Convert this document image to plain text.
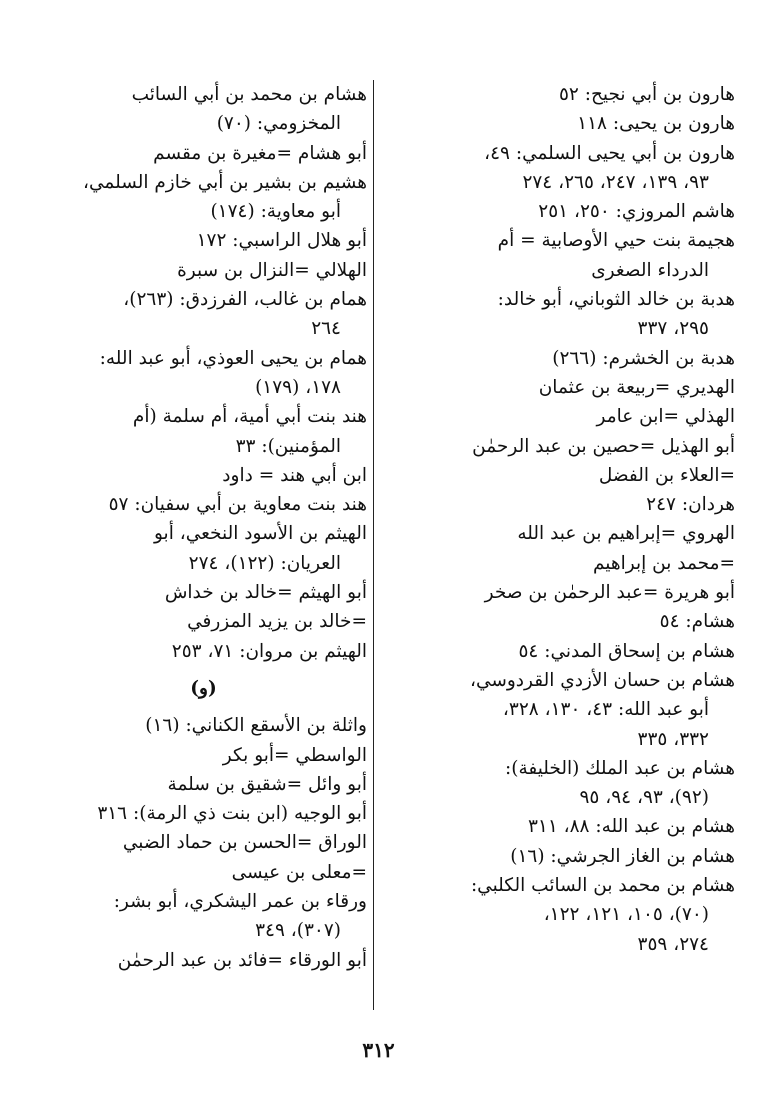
هارون بن أبي نجيح: ٥٢
هارون بن يحيى: ١١٨
هارون بن أبي يحيى السلمي: ٤٩،
٩٣، ١٣٩، ٢٤٧، ٢٦٥، ٢٧٤
هاشم المروزي: ٢٥٠، ٢٥١
هجيمة بنت حيي الأوصابية = أم
الدرداء الصغرى
هدبة بن خالد الثوباني، أبو خالد:
٢٩٥، ٣٣٧
هدبة بن الخشرم: (٢٦٦)
الهديري =ربيعة بن عثمان
الهذلي =ابن عامر
أبو الهذيل =حصين بن عبد الرحمٰن
=العلاء بن الفضل
هردان: ٢٤٧
الهروي =إبراهيم بن عبد الله
=محمد بن إبراهيم
أبو هريرة =عبد الرحمٰن بن صخر
هشام: ٥٤
هشام بن إسحاق المدني: ٥٤
هشام بن حسان الأزدي القردوسي،
أبو عبد الله: ٤٣، ١٣٠، ٣٢٨،
٣٣٢، ٣٣٥
هشام بن عبد الملك (الخليفة):
(٩٢)، ٩٣، ٩٤، ٩٥
هشام بن عبد الله: ٨٨، ٣١١
هشام بن الغاز الجرشي: (١٦)
هشام بن محمد بن السائب الكلبي:
(٧٠)، ١٠٥، ١٢١، ١٢٢،
٢٧٤، ٣٥٩
هشام بن محمد بن أبي السائب
المخزومي: (٧٠)
أبو هشام =مغيرة بن مقسم
هشيم بن بشير بن أبي خازم السلمي،
أبو معاوية: (١٧٤)
أبو هلال الراسبي: ١٧٢
الهلالي =النزال بن سبرة
همام بن غالب، الفرزدق: (٢٦٣)،
٢٦٤
همام بن يحيى العوذي، أبو عبد الله:
١٧٨، (١٧٩)
هند بنت أبي أمية، أم سلمة (أم
المؤمنين): ٣٣
ابن أبي هند = داود
هند بنت معاوية بن أبي سفيان: ٥٧
الهيثم بن الأسود النخعي، أبو
العريان: (١٢٢)، ٢٧٤
أبو الهيثم =خالد بن خداش
=خالد بن يزيد المزرفي
الهيثم بن مروان: ٧١، ٢٥٣
(و)
واثلة بن الأسقع الكناني: (١٦)
الواسطي =أبو بكر
أبو وائل =شقيق بن سلمة
أبو الوجيه (ابن بنت ذي الرمة): ٣١٦
الوراق =الحسن بن حماد الضبي
=معلى بن عيسى
ورقاء بن عمر اليشكري، أبو بشر:
(٣٠٧)، ٣٤٩
أبو الورقاء =فائد بن عبد الرحمٰن
٣١٢
